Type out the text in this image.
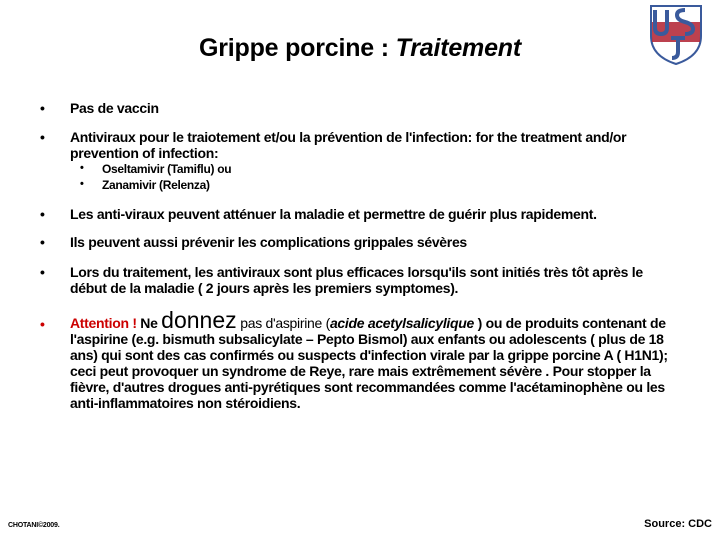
Grippe porcine : Traitement
• Pas de vaccin
• Antiviraux pour le traiotement et/ou la prévention de l'infection: for the treatment and/or prevention of infection:
• Oseltamivir (Tamiflu) ou
• Zanamivir (Relenza)
• Les anti-viraux peuvent atténuer la maladie et permettre de guérir plus rapidement.
• Ils peuvent aussi prévenir les complications grippales sévères
• Lors du traitement, les antiviraux sont plus efficaces lorsqu'ils sont initiés très tôt après le début de la maladie ( 2 jours après les premiers symptomes).
• Attention ! Ne donnez pas d'aspirine (acide acetylsalicylique ) ou de produits contenant de l'aspirine (e.g. bismuth subsalicylate – Pepto Bismol) aux enfants ou adolescents ( plus de 18 ans) qui sont des cas confirmés ou suspects d'infection virale par la grippe porcine A ( H1N1); ceci peut provoquer un syndrome de Reye, rare mais extrêmement sévère . Pour stopper la fièvre, d'autres drogues anti-pyrétiques sont recommandées comme l'acétaminophène ou les anti-inflammatoires non stéroidiens.
CHOTANI©2009.	Source: CDC
